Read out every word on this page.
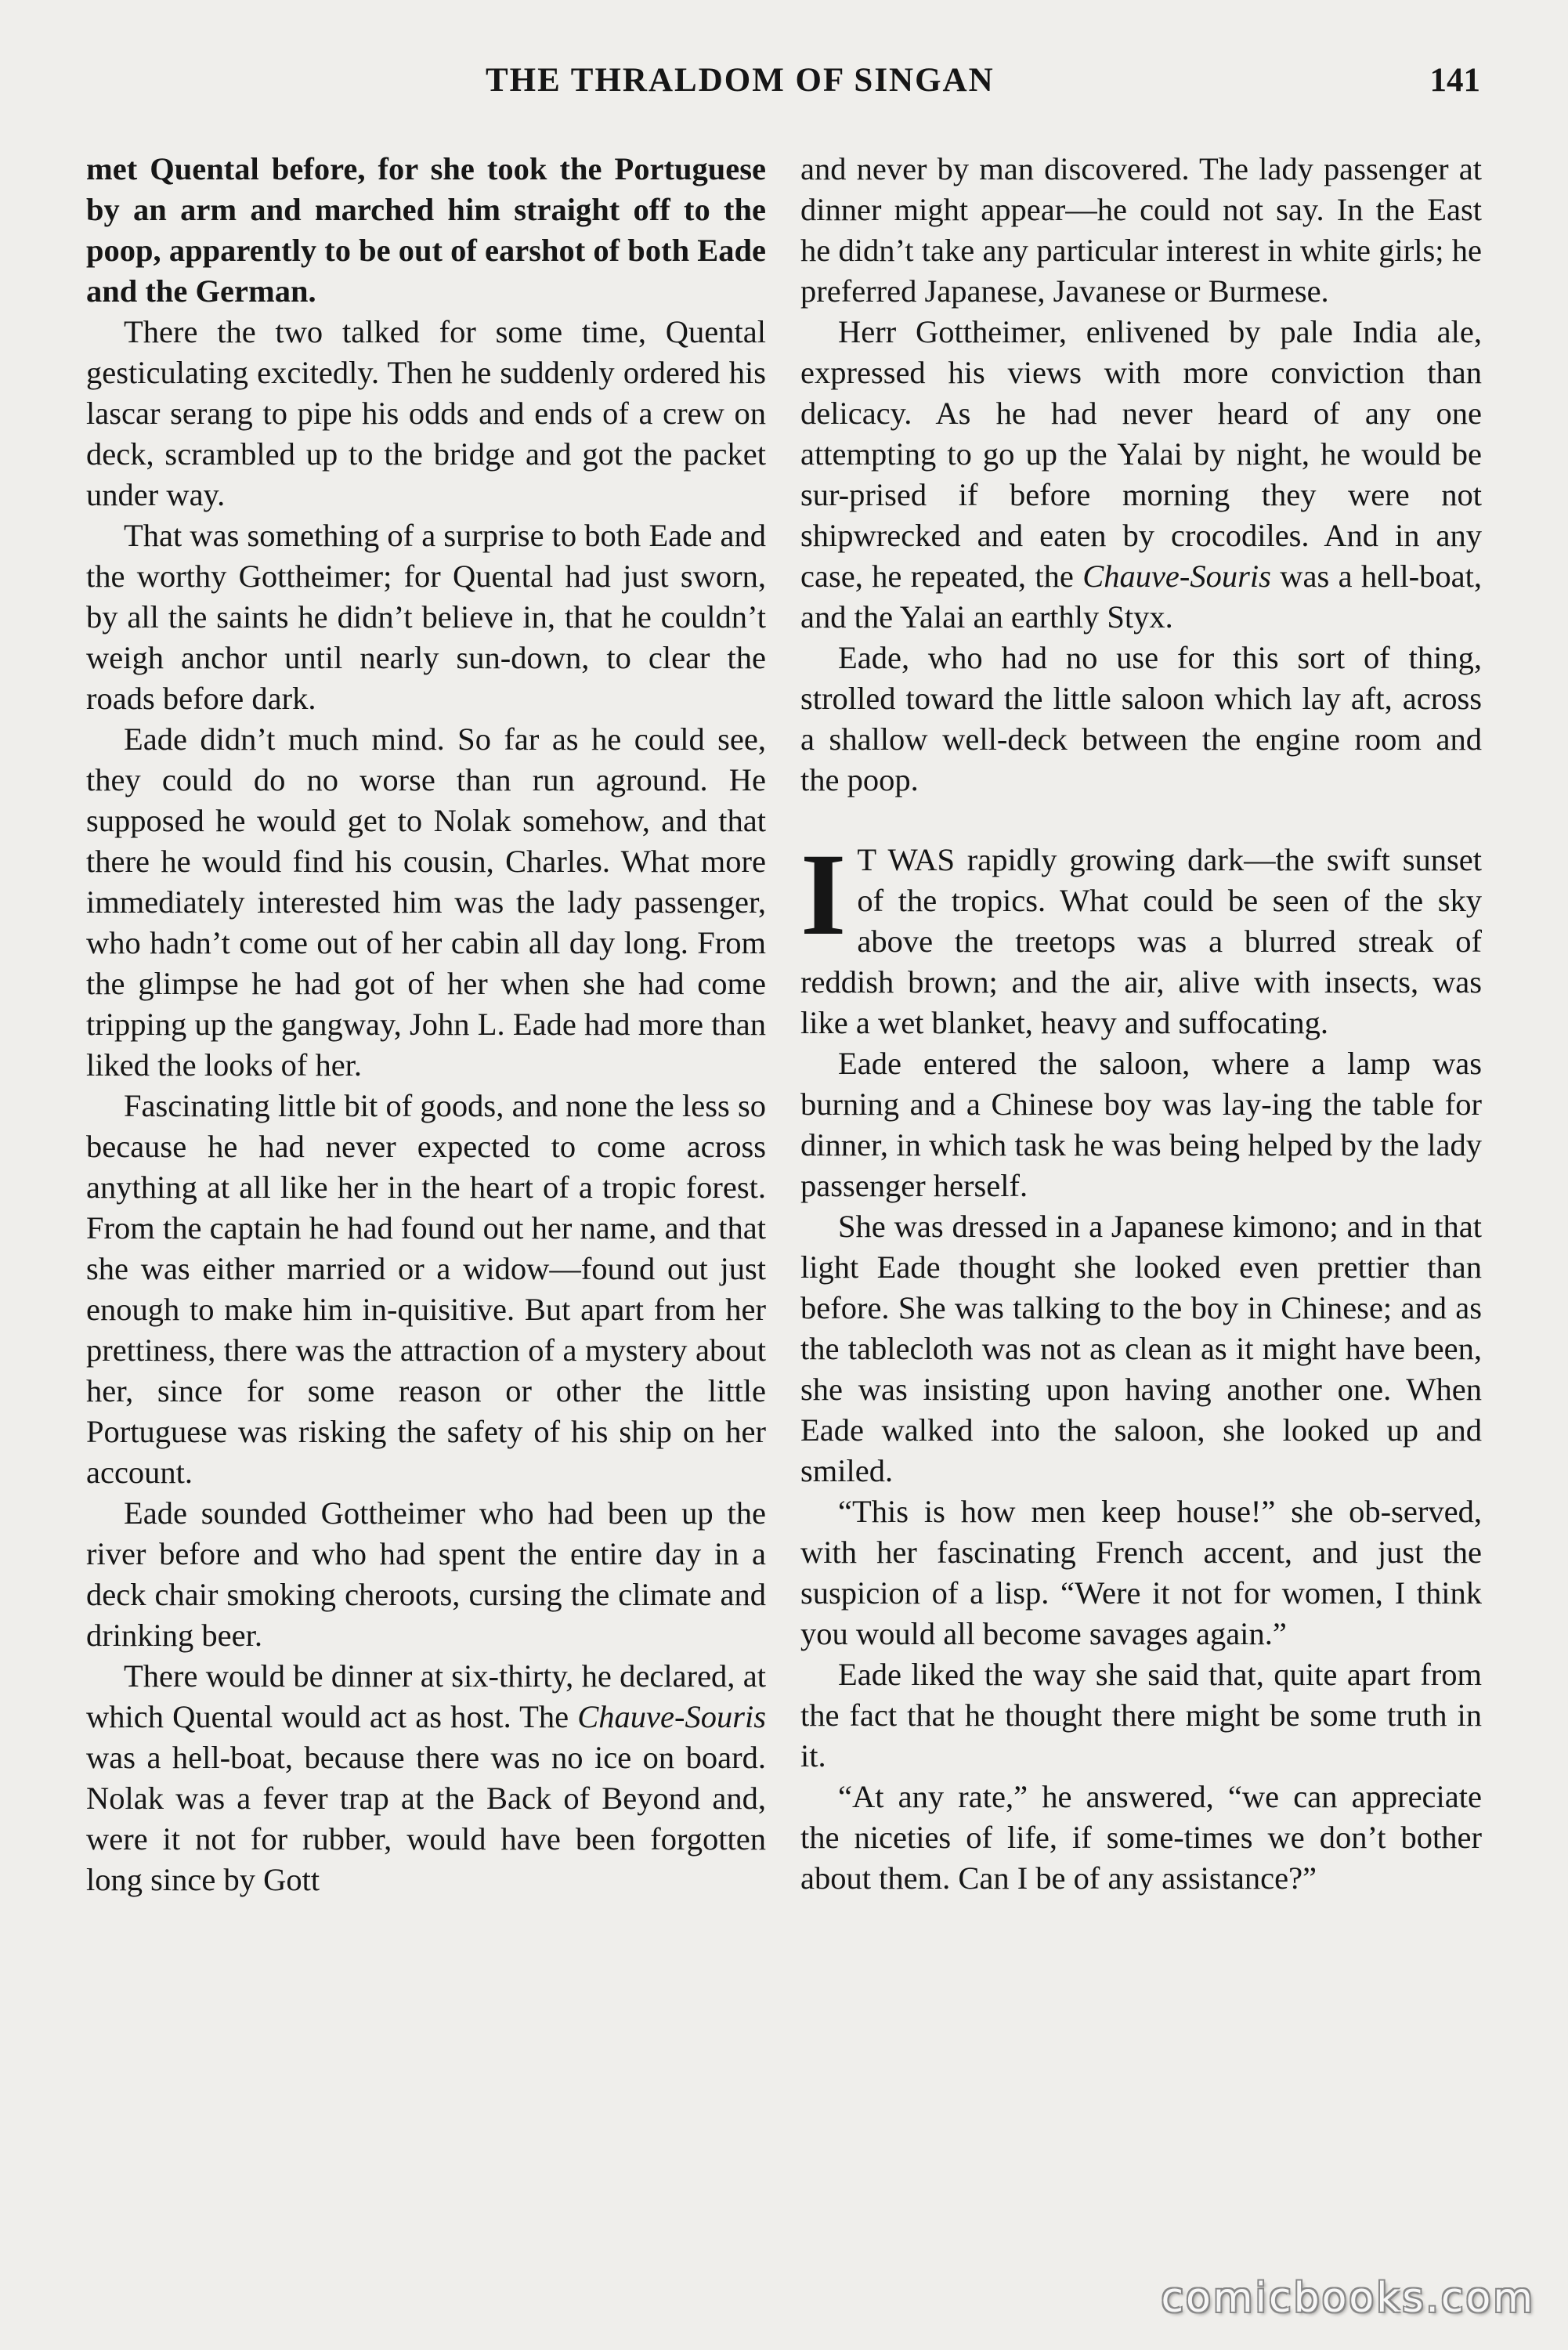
THE THRALDOM OF SINGAN	141

met Quental before, for she took the Portuguese by an arm and marched him straight off to the poop, apparently to be out of earshot of both Eade and the German.

There the two talked for some time, Quental gesticulating excitedly. Then he suddenly ordered his lascar serang to pipe his odds and ends of a crew on deck, scrambled up to the bridge and got the packet under way.

That was something of a surprise to both Eade and the worthy Gottheimer; for Quental had just sworn, by all the saints he didn’t believe in, that he couldn’t weigh anchor until nearly sun-down, to clear the roads before dark.

Eade didn’t much mind. So far as he could see, they could do no worse than run aground. He supposed he would get to Nolak somehow, and that there he would find his cousin, Charles. What more immediately interested him was the lady passenger, who hadn’t come out of her cabin all day long. From the glimpse he had got of her when she had come tripping up the gangway, John L. Eade had more than liked the looks of her.

Fascinating little bit of goods, and none the less so because he had never expected to come across anything at all like her in the heart of a tropic forest. From the captain he had found out her name, and that she was either married or a widow—found out just enough to make him in-quisitive. But apart from her prettiness, there was the attraction of a mystery about her, since for some reason or other the little Portuguese was risking the safety of his ship on her account.

Eade sounded Gottheimer who had been up the river before and who had spent the entire day in a deck chair smoking cheroots, cursing the climate and drinking beer.

There would be dinner at six-thirty, he declared, at which Quental would act as host. The Chauve-Souris was a hell-boat, because there was no ice on board. Nolak was a fever trap at the Back of Beyond and, were it not for rubber, would have been forgotten long since by Gott

and never by man discovered. The lady passenger at dinner might appear—he could not say. In the East he didn’t take any particular interest in white girls; he preferred Japanese, Javanese or Burmese.

Herr Gottheimer, enlivened by pale India ale, expressed his views with more conviction than delicacy. As he had never heard of any one attempting to go up the Yalai by night, he would be sur-prised if before morning they were not shipwrecked and eaten by crocodiles. And in any case, he repeated, the Chauve-Souris was a hell-boat, and the Yalai an earthly Styx.

Eade, who had no use for this sort of thing, strolled toward the little saloon which lay aft, across a shallow well-deck between the engine room and the poop.

I T WAS rapidly growing dark—the swift sunset of the tropics. What could be seen of the sky above the treetops was a blurred streak of reddish brown; and the air, alive with insects, was like a wet blanket, heavy and suffocating.

Eade entered the saloon, where a lamp was burning and a Chinese boy was lay-ing the table for dinner, in which task he was being helped by the lady passenger herself.

She was dressed in a Japanese kimono; and in that light Eade thought she looked even prettier than before. She was talking to the boy in Chinese; and as the tablecloth was not as clean as it might have been, she was insisting upon having another one. When Eade walked into the saloon, she looked up and smiled.

“This is how men keep house!” she ob-served, with her fascinating French accent, and just the suspicion of a lisp. “Were it not for women, I think you would all become savages again.”

Eade liked the way she said that, quite apart from the fact that he thought there might be some truth in it.

“At any rate,” he answered, “we can appreciate the niceties of life, if some-times we don’t bother about them. Can I be of any assistance?”

comicbooks.com
